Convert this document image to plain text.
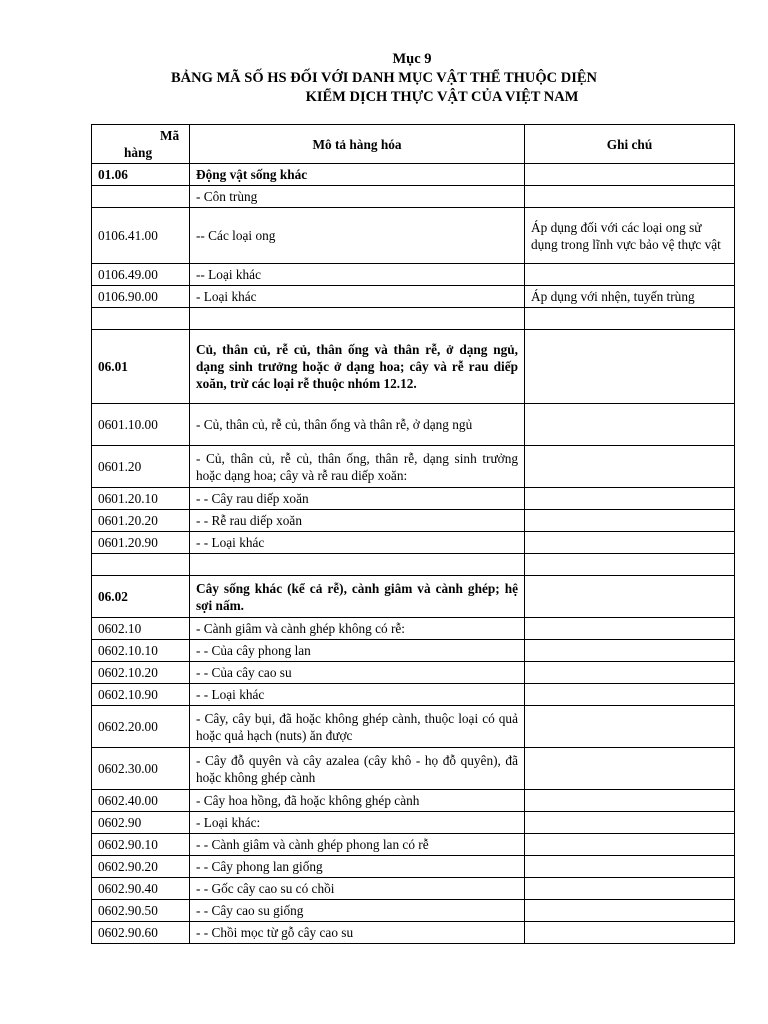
Mục 9
BẢNG MÃ SỐ HS ĐỐI VỚI DANH MỤC VẬT THỂ THUỘC DIỆN
KIỂM DỊCH THỰC VẬT CỦA VIỆT NAM
Mã
hàng	Mô tả hàng hóa	Ghi chú
01.06	Động vật sống khác	
	- Côn trùng	
0106.41.00	-- Các loại ong	Áp dụng đối với các loại ong sử dụng trong lĩnh vực bảo vệ thực vật
0106.49.00	-- Loại khác	
0106.90.00	- Loại khác	Áp dụng với nhện, tuyến trùng

06.01	Củ, thân củ, rễ củ, thân ống và thân rễ, ở dạng ngủ, dạng sinh trưởng hoặc ở dạng hoa; cây và rễ rau diếp xoăn, trừ các loại rễ thuộc nhóm 12.12.	
0601.10.00	- Củ, thân củ, rễ củ, thân ống và thân rễ, ở dạng ngủ	
0601.20	- Củ, thân củ, rễ củ, thân ống, thân rễ, dạng sinh trưởng hoặc dạng hoa; cây và rễ rau diếp xoăn:	
0601.20.10	- - Cây rau diếp xoăn	
0601.20.20	- - Rễ rau diếp xoăn	
0601.20.90	- - Loại khác	

06.02	Cây sống khác (kể cả rễ), cành giâm và cành ghép; hệ sợi nấm.	
0602.10	- Cành giâm và cành ghép không có rễ:	
0602.10.10	- - Của cây phong lan	
0602.10.20	- - Của cây cao su	
0602.10.90	- - Loại khác	
0602.20.00	- Cây, cây bụi, đã hoặc không ghép cành, thuộc loại có quả hoặc quả hạch (nuts) ăn được	
0602.30.00	- Cây đỗ quyên và cây azalea (cây khô - họ đỗ quyên), đã hoặc không ghép cành	
0602.40.00	- Cây hoa hồng, đã hoặc không ghép cành	
0602.90	- Loại khác:	
0602.90.10	- - Cành giâm và cành ghép phong lan có rễ	
0602.90.20	- - Cây phong lan giống	
0602.90.40	- - Gốc cây cao su có chồi	
0602.90.50	- - Cây cao su giống	
0602.90.60	- - Chồi mọc từ gỗ cây cao su	
